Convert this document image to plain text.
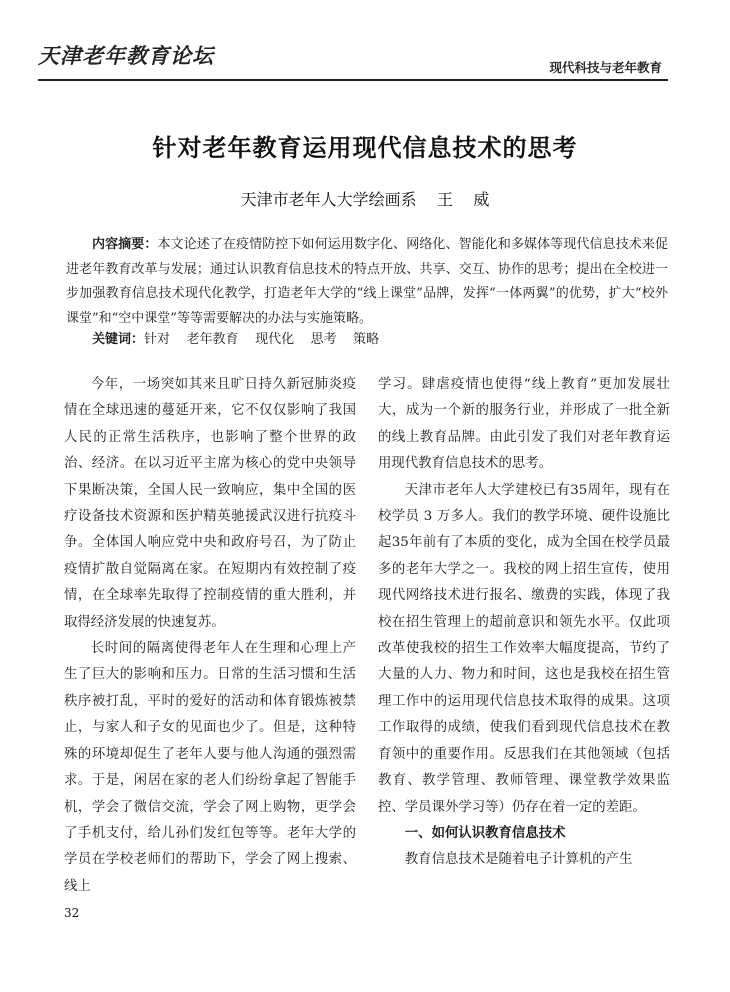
天津老年教育论坛	现代科技与老年教育
针对老年教育运用现代信息技术的思考
天津市老年人大学绘画系    王    威

内容摘要：本文论述了在疫情防控下如何运用数字化、网络化、智能化和多媒体等现代信息技术来促进老年教育改革与发展；通过认识教育信息技术的特点开放、共享、交互、协作的思考；提出在全校进一步加强教育信息技术现代化教学，打造老年大学的“线上课堂”品牌，发挥“一体两翼”的优势，扩大“校外课堂”和“空中课堂”等等需要解决的办法与实施策略。

关键词：针对    老年教育    现代化    思考    策略

今年，一场突如其来且旷日持久新冠肺炎疫情在全球迅速的蔓延开来，它不仅仅影响了我国人民的正常生活秩序，也影响了整个世界的政治、经济。在以习近平主席为核心的党中央领导下果断决策，全国人民一致响应，集中全国的医疗设备技术资源和医护精英驰援武汉进行抗疫斗争。全体国人响应党中央和政府号召，为了防止疫情扩散自觉隔离在家。在短期内有效控制了疫情，在全球率先取得了控制疫情的重大胜利，并取得经济发展的快速复苏。

长时间的隔离使得老年人在生理和心理上产生了巨大的影响和压力。日常的生活习惯和生活秩序被打乱，平时的爱好的活动和体育锻炼被禁止，与家人和子女的见面也少了。但是，这种特殊的环境却促生了老年人要与他人沟通的强烈需求。于是，闲居在家的老人们纷纷拿起了智能手机，学会了微信交流，学会了网上购物，更学会了手机支付，给儿孙们发红包等等。老年大学的学员在学校老师们的帮助下，学会了网上搜索、线上

学习。肆虐疫情也使得“线上教育”更加发展壮大，成为一个新的服务行业，并形成了一批全新的线上教育品牌。由此引发了我们对老年教育运用现代教育信息技术的思考。

天津市老年人大学建校已有35周年，现有在校学员 3 万多人。我们的教学环境、硬件设施比起35年前有了本质的变化，成为全国在校学员最多的老年大学之一。我校的网上招生宣传，使用现代网络技术进行报名、缴费的实践，体现了我校在招生管理上的超前意识和领先水平。仅此项改革使我校的招生工作效率大幅度提高，节约了大量的人力、物力和时间，这也是我校在招生管理工作中的运用现代信息技术取得的成果。这项工作取得的成绩，使我们看到现代信息技术在教育领中的重要作用。反思我们在其他领域（包括教育、教学管理、教师管理、课堂教学效果监控、学员课外学习等）仍存在着一定的差距。

一、如何认识教育信息技术

教育信息技术是随着电子计算机的产生

32
